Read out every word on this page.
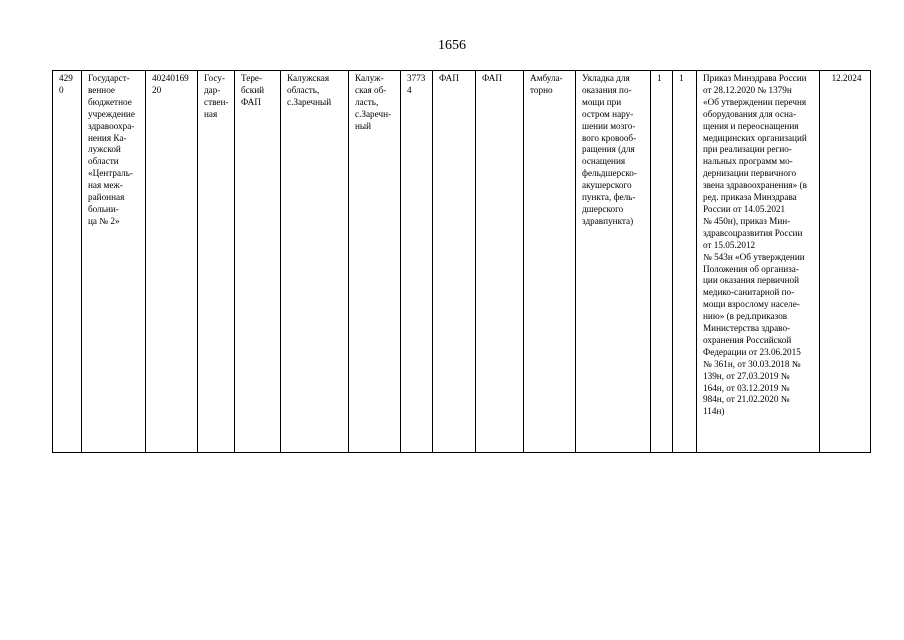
1656
429
0	Государст-
венное
бюджетное
учреждение
здравоохра-
нения Ка-
лужской
области
«Централь-
ная меж-
районная
больни-
ца № 2»	40240169
20	Госу-
дар-
ствен-
ная	Тере-
бский
ФАП	Калужская
область,
с.Заречный	Калуж-
ская об-
ласть,
с.Заречн-
ный	3773
4	ФАП	ФАП	Амбула-
торно	Укладка для
оказания по-
мощи при
остром нару-
шении мозго-
вого кровооб-
ращения (для
оснащения
фельдшерско-
акушерского
пункта, фель-
дшерского
здравпункта)	1	1	Приказ Минздрава России
от 28.12.2020 № 1379н
«Об утверждении перечня
оборудования для осна-
щения и переоснащения
медицинских организаций
при реализации регио-
нальных программ мо-
дернизации первичного
звена здравоохранения» (в
ред. приказа Минздрава
России от 14.05.2021
№ 450н), приказ Мин-
здравсоцразвития России
от 15.05.2012
№ 543н «Об утверждении
Положения об организа-
ции оказания первичной
медико-санитарной по-
мощи взрослому населе-
нию» (в ред.приказов
Министерства здраво-
охранения Российской
Федерации от 23.06.2015
№ 361н, от 30.03.2018 №
139н, от 27.03.2019 №
164н, от 03.12.2019 №
984н, от 21.02.2020 №
114н)	12.2024
